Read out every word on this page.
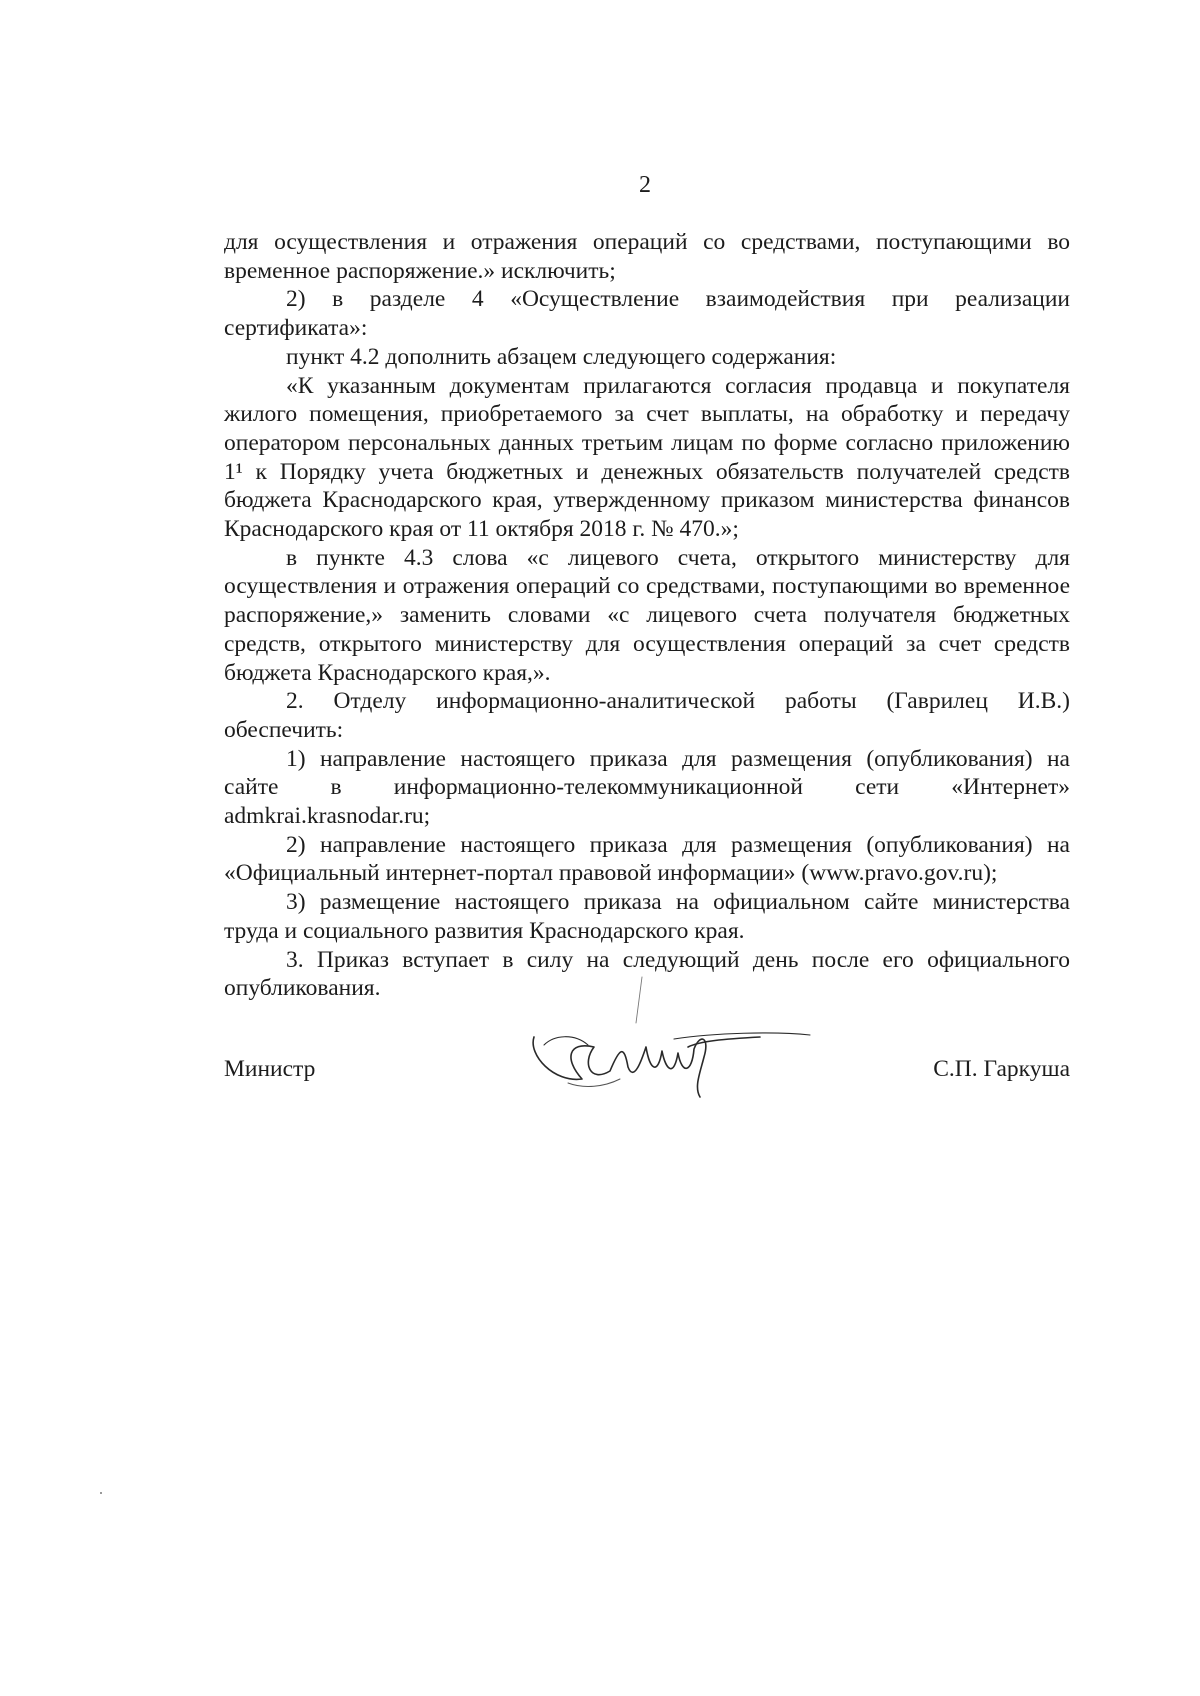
2

для осуществления и отражения операций со средствами, поступающими во временное распоряжение.» исключить;

2) в разделе 4 «Осуществление взаимодействия при реализации сертификата»:

пункт 4.2 дополнить абзацем следующего содержания:

«К указанным документам прилагаются согласия продавца и покупателя жилого помещения, приобретаемого за счет выплаты, на обработку и передачу оператором персональных данных третьим лицам по форме согласно приложению 1¹ к Порядку учета бюджетных и денежных обязательств получателей средств бюджета Краснодарского края, утвержденному приказом министерства финансов Краснодарского края от 11 октября 2018 г. № 470.»;

в пункте 4.3 слова «с лицевого счета, открытого министерству для осуществления и отражения операций со средствами, поступающими во временное распоряжение,» заменить словами «с лицевого счета получателя бюджетных средств, открытого министерству для осуществления операций за счет средств бюджета Краснодарского края,».

2. Отделу информационно-аналитической работы (Гаврилец И.В.) обеспечить:

1) направление настоящего приказа для размещения (опубликования) на сайте в информационно-телекоммуникационной сети «Интернет» admkrai.krasnodar.ru;

2) направление настоящего приказа для размещения (опубликования) на «Официальный интернет-портал правовой информации» (www.pravo.gov.ru);

3) размещение настоящего приказа на официальном сайте министерства труда и социального развития Краснодарского края.

3. Приказ вступает в силу на следующий день после его официального опубликования.

Министр	С.П. Гаркуша
